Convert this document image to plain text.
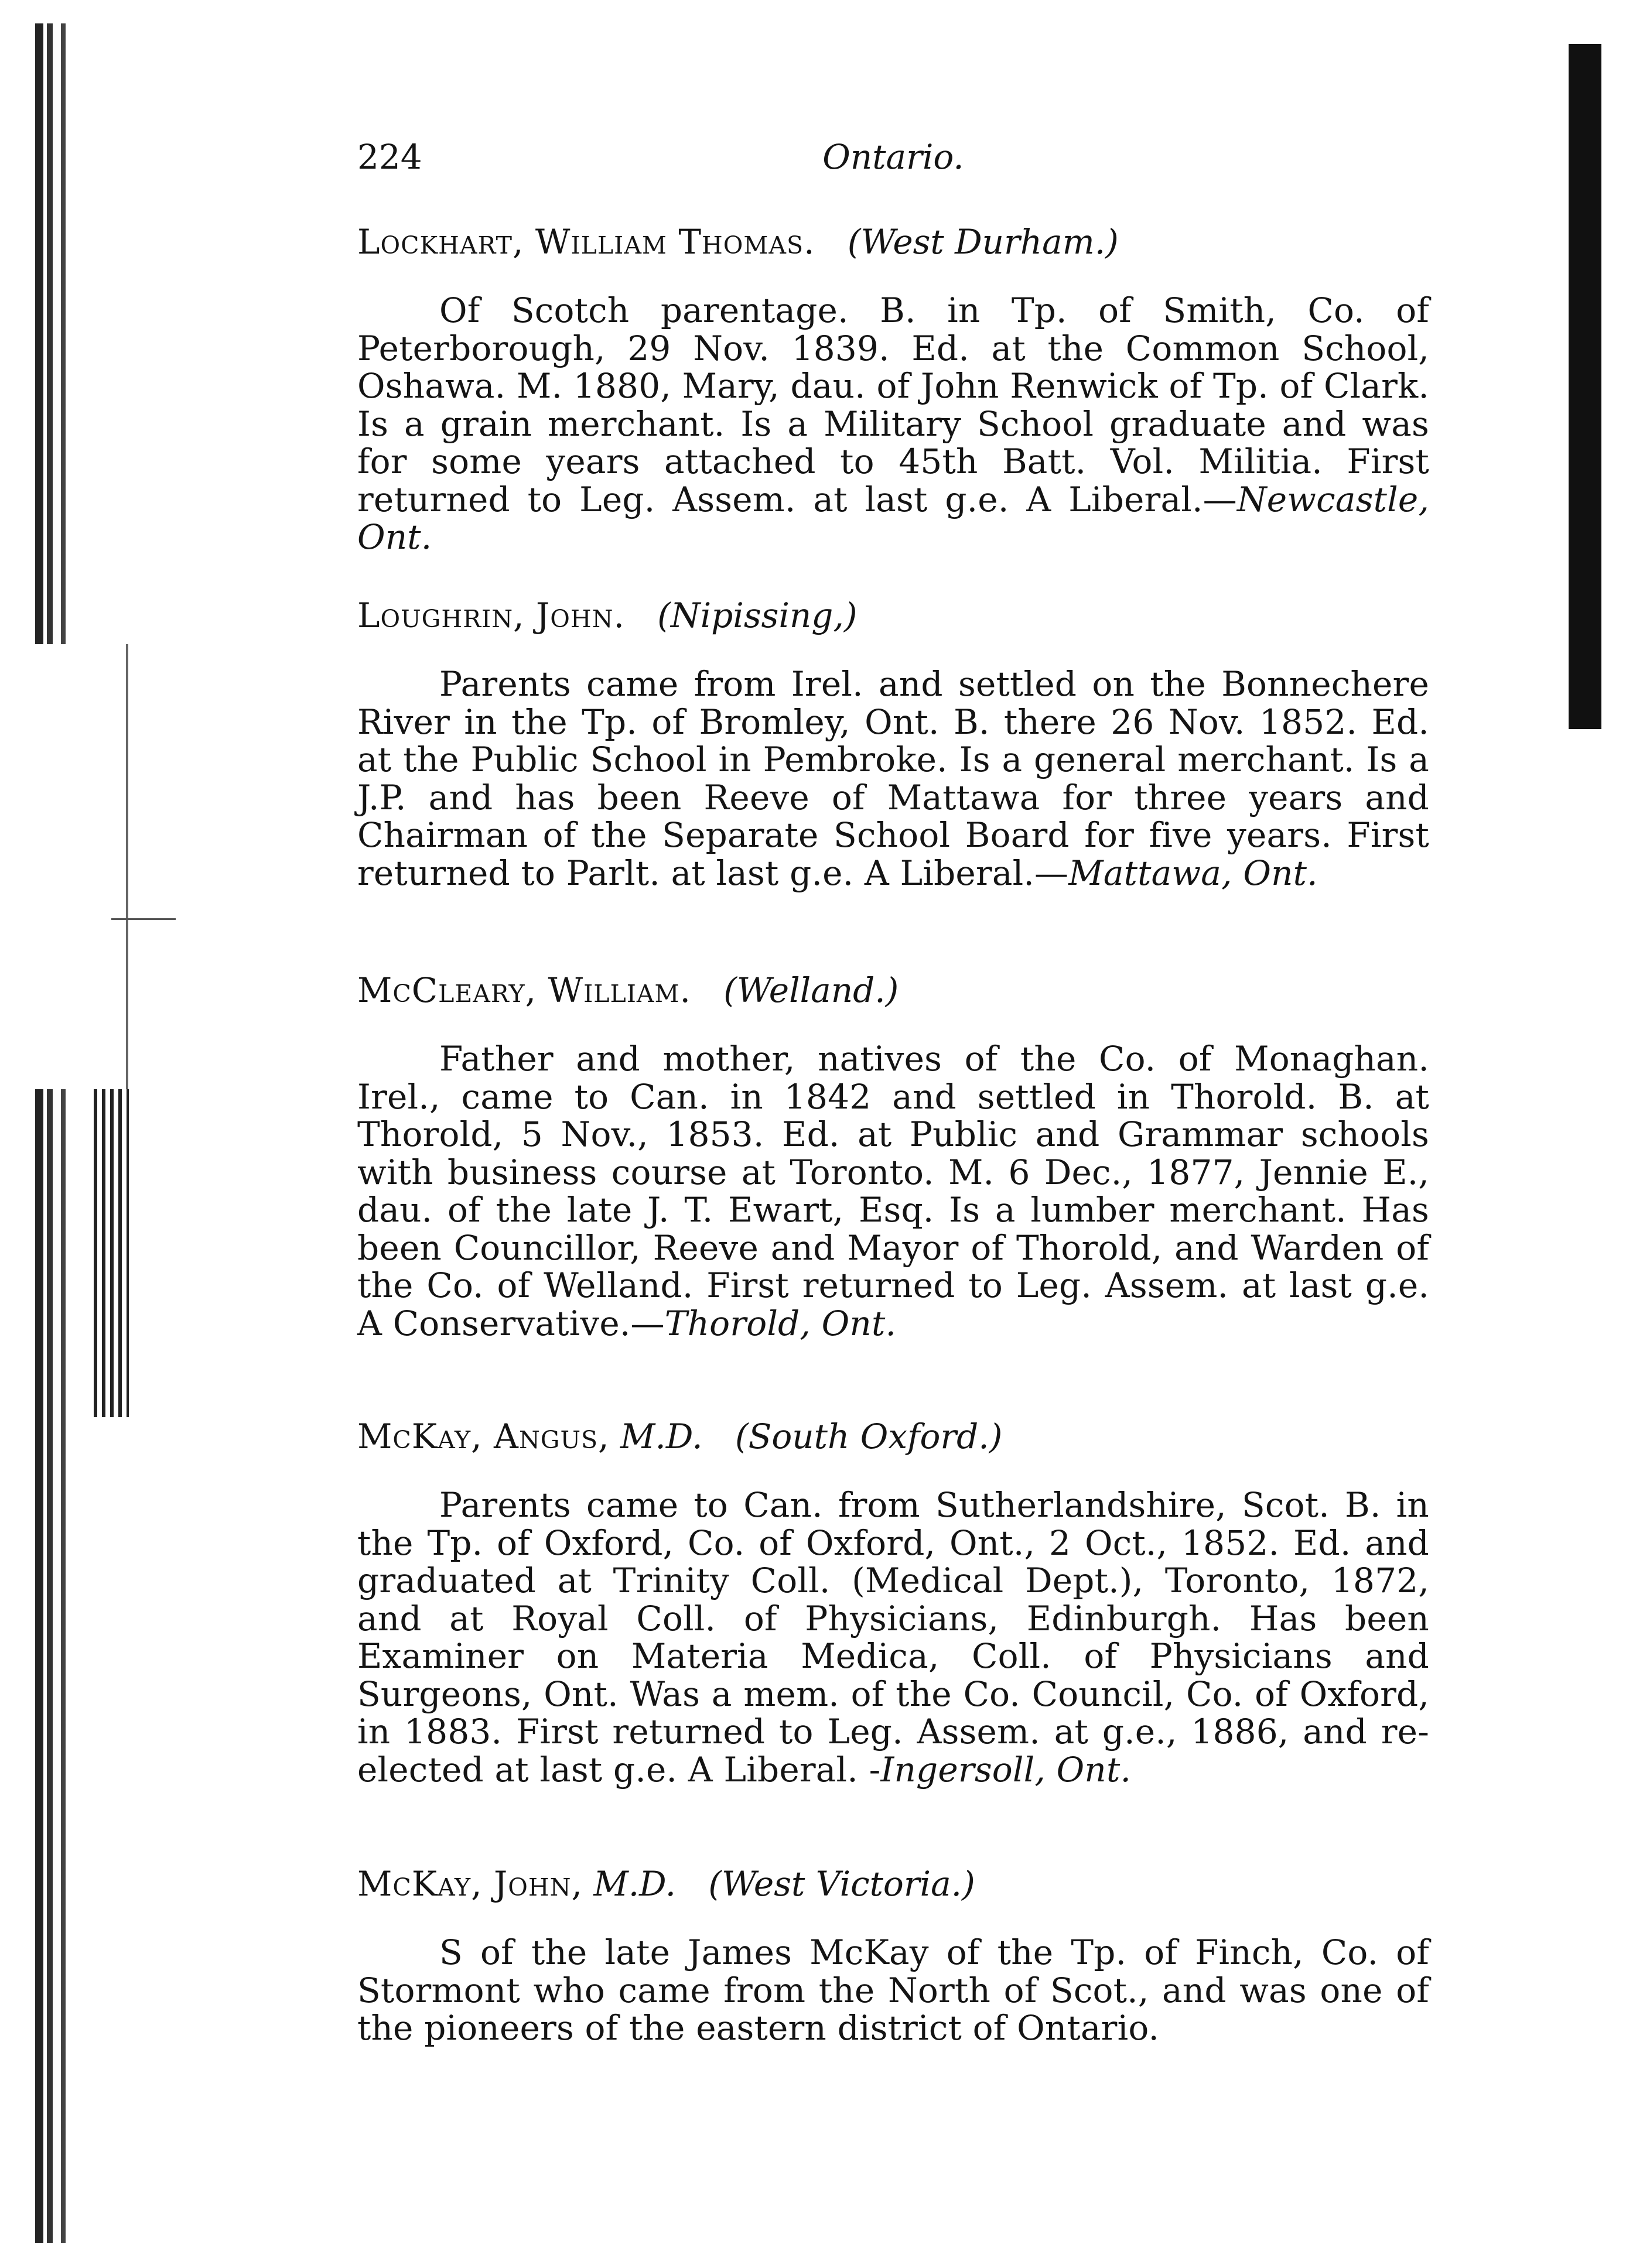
224	Ontario.
Lockhart, William Thomas. (West Durham.)
Of Scotch parentage. B. in Tp. of Smith, Co. of Peterborough, 29 Nov. 1839. Ed. at the Common School, Oshawa. M. 1880, Mary, dau. of John Renwick of Tp. of Clark. Is a grain merchant. Is a Military School graduate and was for some years attached to 45th Batt. Vol. Militia. First returned to Leg. Assem. at last g.e. A Liberal.—Newcastle, Ont.
Loughrin, John. (Nipissing,)
Parents came from Irel. and settled on the Bonnechere River in the Tp. of Bromley, Ont. B. there 26 Nov. 1852. Ed. at the Public School in Pembroke. Is a general merchant. Is a J.P. and has been Reeve of Mattawa for three years and Chairman of the Separate School Board for five years. First returned to Parlt. at last g.e. A Liberal.—Mattawa, Ont.
McCleary, William. (Welland.)
Father and mother, natives of the Co. of Monaghan. Irel., came to Can. in 1842 and settled in Thorold. B. at Thorold, 5 Nov., 1853. Ed. at Public and Grammar schools with business course at Toronto. M. 6 Dec., 1877, Jennie E., dau. of the late J. T. Ewart, Esq. Is a lumber merchant. Has been Councillor, Reeve and Mayor of Thorold, and Warden of the Co. of Welland. First returned to Leg. Assem. at last g.e. A Conservative.—Thorold, Ont.
McKay, Angus, M.D. (South Oxford.)
Parents came to Can. from Sutherlandshire, Scot. B. in the Tp. of Oxford, Co. of Oxford, Ont., 2 Oct., 1852. Ed. and graduated at Trinity Coll. (Medical Dept.), Toronto, 1872, and at Royal Coll. of Physicians, Edinburgh. Has been Examiner on Materia Medica, Coll. of Physicians and Surgeons, Ont. Was a mem. of the Co. Council, Co. of Oxford, in 1883. First returned to Leg. Assem. at g.e., 1886, and re-elected at last g.e. A Liberal. -Ingersoll, Ont.
McKay, John, M.D. (West Victoria.)
S of the late James McKay of the Tp. of Finch, Co. of Stormont who came from the North of Scot., and was one of the pioneers of the eastern district of Ontario.
